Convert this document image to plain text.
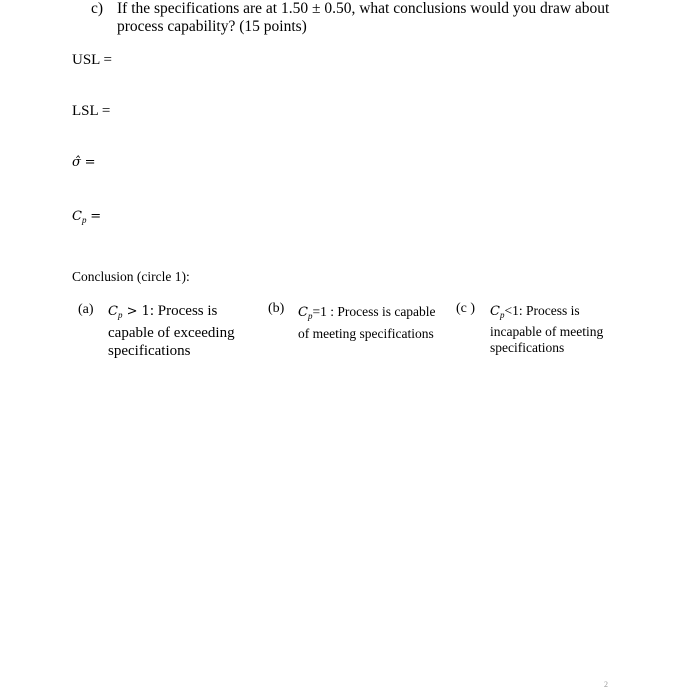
c) If the specifications are at 1.50 ± 0.50, what conclusions would you draw about process capability? (15 points)
USL =
LSL =
σ̂ =
$C_p$ =
Conclusion (circle 1):
(a) $C_p > 1$: Process is capable of exceeding specifications
(b) $C_p=1$ : Process is capable of meeting specifications
(c ) $C_p<1$: Process is incapable of meeting specifications
2
